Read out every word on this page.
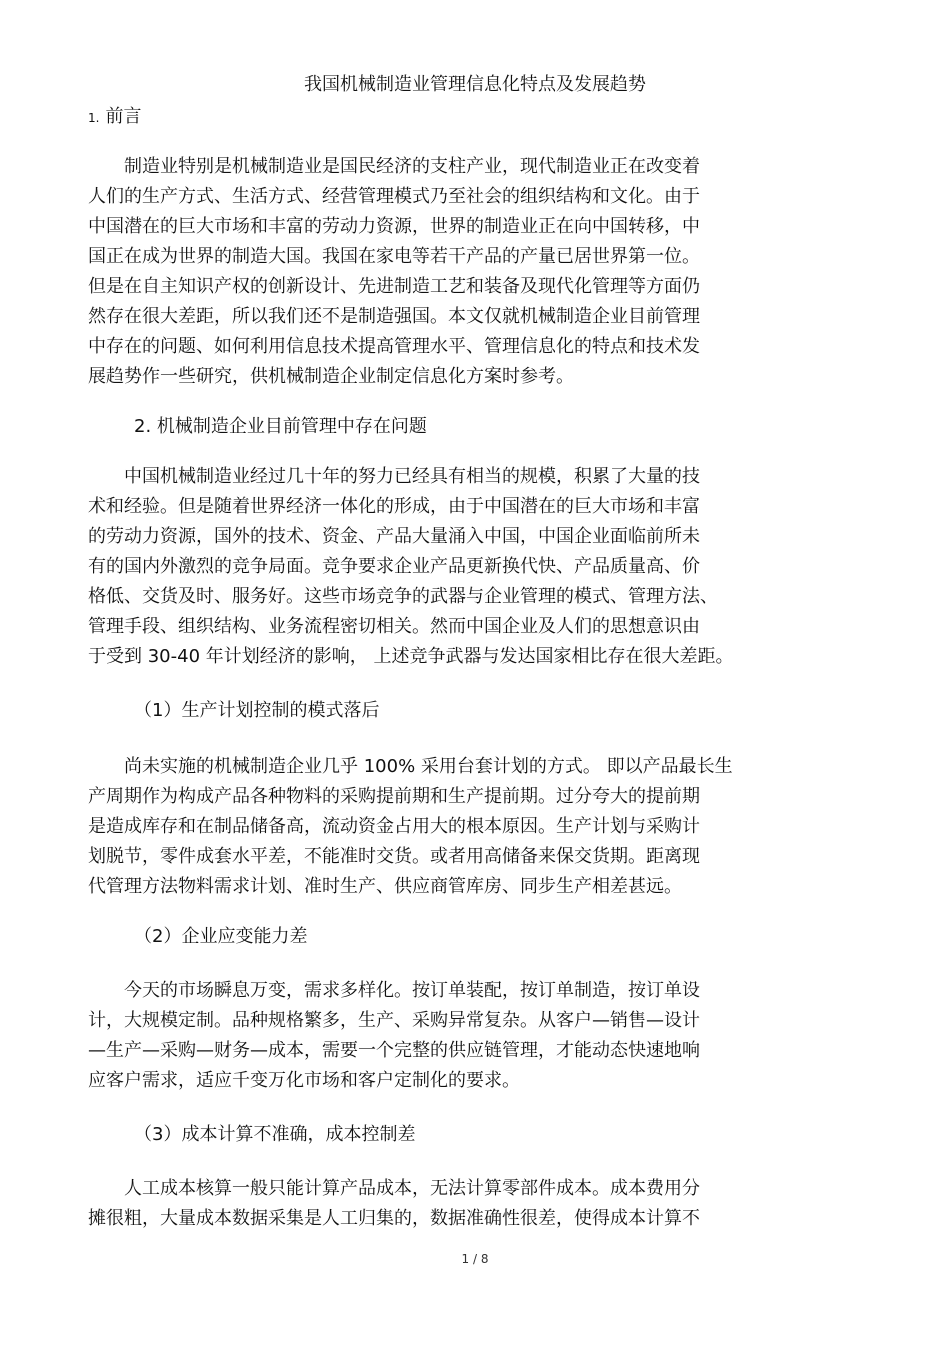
我国机械制造业管理信息化特点及发展趋势
1. 前言
　　制造业特别是机械制造业是国民经济的支柱产业，现代制造业正在改变着
人们的生产方式、生活方式、经营管理模式乃至社会的组织结构和文化。由于
中国潜在的巨大市场和丰富的劳动力资源，世界的制造业正在向中国转移，中
国正在成为世界的制造大国。我国在家电等若干产品的产量已居世界第一位。
但是在自主知识产权的创新设计、先进制造工艺和装备及现代化管理等方面仍
然存在很大差距，所以我们还不是制造强国。本文仅就机械制造企业目前管理
中存在的问题、如何利用信息技术提高管理水平、管理信息化的特点和技术发
展趋势作一些研究，供机械制造企业制定信息化方案时参考。
2. 机械制造企业目前管理中存在问题
　　中国机械制造业经过几十年的努力已经具有相当的规模，积累了大量的技
术和经验。但是随着世界经济一体化的形成，由于中国潜在的巨大市场和丰富
的劳动力资源，国外的技术、资金、产品大量涌入中国，中国企业面临前所未
有的国内外激烈的竞争局面。竞争要求企业产品更新换代快、产品质量高、价
格低、交货及时、服务好。这些市场竞争的武器与企业管理的模式、管理方法、
管理手段、组织结构、业务流程密切相关。然而中国企业及人们的思想意识由
于受到 30-40 年计划经济的影响， 上述竞争武器与发达国家相比存在很大差距。
（1）生产计划控制的模式落后
　　尚未实施的机械制造企业几乎 100% 采用台套计划的方式。 即以产品最长生
产周期作为构成产品各种物料的采购提前期和生产提前期。过分夸大的提前期
是造成库存和在制品储备高，流动资金占用大的根本原因。生产计划与采购计
划脱节，零件成套水平差，不能准时交货。或者用高储备来保交货期。距离现
代管理方法物料需求计划、准时生产、供应商管库房、同步生产相差甚远。
（2）企业应变能力差
　　今天的市场瞬息万变，需求多样化。按订单装配，按订单制造，按订单设
计，大规模定制。品种规格繁多，生产、采购异常复杂。从客户—销售—设计
—生产—采购—财务—成本，需要一个完整的供应链管理，才能动态快速地响
应客户需求，适应千变万化市场和客户定制化的要求。
（3）成本计算不准确，成本控制差
　　人工成本核算一般只能计算产品成本，无法计算零部件成本。成本费用分
摊很粗，大量成本数据采集是人工归集的，数据准确性很差，使得成本计算不
1 / 8
